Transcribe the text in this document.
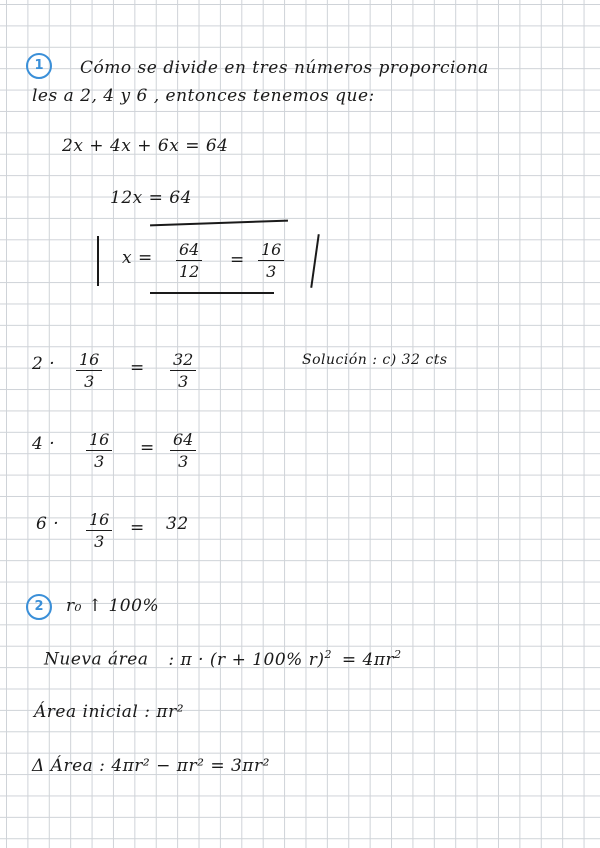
1	Cómo se divide en tres números proporciona
les a 2, 4 y 6 , entonces tenemos que:
2x + 4x + 6x = 64
12x = 64
$x = \frac{64}{12} = \frac{16}{3}$
$2 \cdot \frac{16}{3} = \frac{32}{3}$	Solución : c) 32 cts
$4 \cdot \frac{16}{3} = \frac{64}{3}$
$6 \cdot \frac{16}{3} = 32$
2	r₀ ↑ 100%
Nueva área : π · (r + 100% $r)^2 = 4\pi r^2$
Área inicial : πr²
Δ Área : 4πr² − πr² = 3πr²
